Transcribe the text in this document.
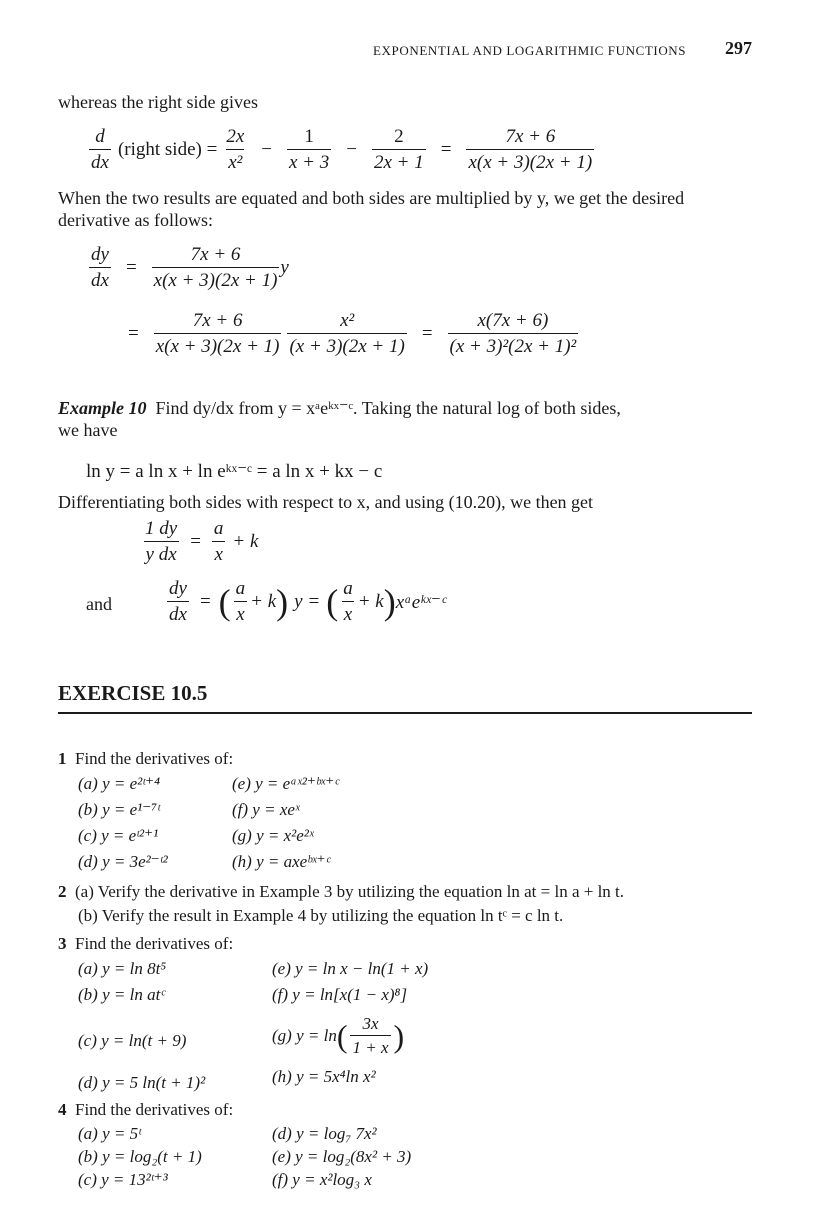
EXPONENTIAL AND LOGARITHMIC FUNCTIONS 297
whereas the right side gives
$\frac{d}{dx}$ (right side) = $\frac{2x}{\text{x²}} - \frac{1}{x + 3} - \frac{2}{2x + 1} = \frac{7x + 6}{x(x + 3)(2x + 1)}$
When the two results are equated and both sides are multiplied by y, we get the desired derivative as follows:
$\frac{dy}{dx} = \frac{7x + 6}{x(x + 3)(2x + 1)}$ y
= $\frac{7x + 6}{x(x + 3)(2x + 1)} \frac{\text{x²}}{(x + 3)(2x + 1)} = \frac{x(7x + 6)}{\text{(x + 3)²(2x + 1)²}}$
Example 10 Find dy/dx from y = xᵃeᵏˣ⁻ᶜ. Taking the natural log of both sides,
we have
ln y = a ln x + ln eᵏˣ⁻ᶜ = a ln x + kx − c
Differentiating both sides with respect to x, and using (10.20), we then get
$\frac{1 dy}{\text{y dx}} = \frac{a}{x} + k$
and	$\frac{dy}{dx}$ = ( $\frac{a}{x} + k$ ) y = ( $\frac{a}{x} + k$ ) xᵃeᵏˣ⁻ᶜ
EXERCISE 10.5
1 Find the derivatives of:
(a) y = e²ᵗ⁺⁴
(b) y = e¹⁻⁷ᵗ
(c) y = eᵗ²⁺¹
(d) y = 3e²⁻ᵗ²
(e) y = eᵃˣ²⁺ᵇˣ⁺ᶜ
(f) y = xeˣ
(g) y = x²e²ˣ
(h) y = axeᵇˣ⁺ᶜ
2 (a) Verify the derivative in Example 3 by utilizing the equation ln at = ln a + ln t.
(b) Verify the result in Example 4 by utilizing the equation ln tᶜ = c ln t.
3 Find the derivatives of:
(a) y = ln 8t⁵
(b) y = ln atᶜ
(c) y = ln(t + 9)
(d) y = 5 ln(t + 1)²
(e) y = ln x − ln(1 + x)
(f) y = ln[x(1 − x)⁸]
(g)
y = ln ( $\frac{3x}{1 + x}$ )
(h) y = 5x⁴ln x²
4 Find the derivatives of:
(a) y = 5ᵗ
(b) y = log₂(t + 1)
(c) y = 13²ᵗ⁺³
(d) y = log₇ 7x²
(e) y = log₂(8x² + 3)
(f) y = x²log₃ x
